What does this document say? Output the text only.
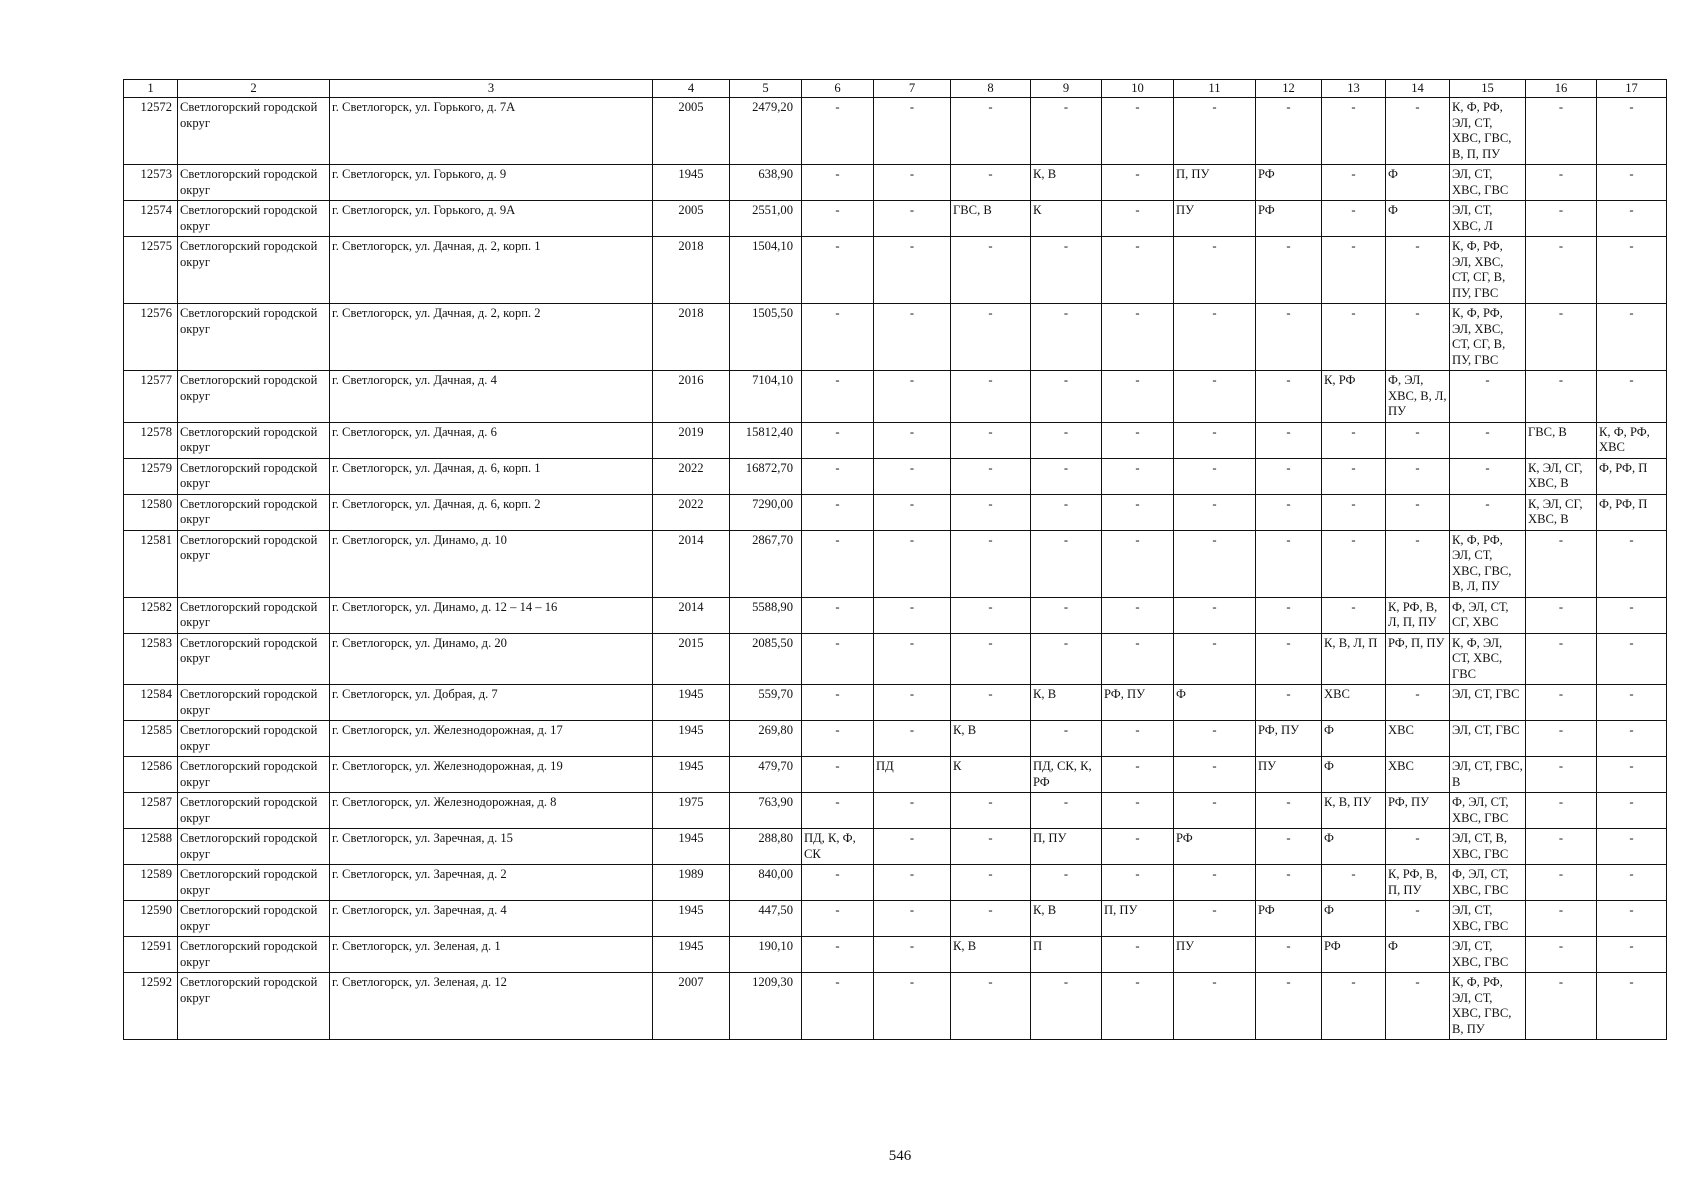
1	2	3	4	5	6	7	8	9	10	11	12	13	14	15	16	17
12572	Светлогорский городской округ	г. Светлогорск, ул. Горького, д. 7А	2005	2479,20	-	-	-	-	-	-	-	-	-	К, Ф, РФ, ЭЛ, СТ, ХВС, ГВС, В, П, ПУ	-	-
12573	Светлогорский городской округ	г. Светлогорск, ул. Горького, д. 9	1945	638,90	-	-	-	К, В	-	П, ПУ	РФ	-	Ф	ЭЛ, СТ, ХВС, ГВС	-	-
12574	Светлогорский городской округ	г. Светлогорск, ул. Горького, д. 9А	2005	2551,00	-	-	ГВС, В	К	-	ПУ	РФ	-	Ф	ЭЛ, СТ, ХВС, Л	-	-
12575	Светлогорский городской округ	г. Светлогорск, ул. Дачная, д. 2, корп. 1	2018	1504,10	-	-	-	-	-	-	-	-	-	К, Ф, РФ, ЭЛ, ХВС, СТ, СГ, В, ПУ, ГВС	-	-
12576	Светлогорский городской округ	г. Светлогорск, ул. Дачная, д. 2, корп. 2	2018	1505,50	-	-	-	-	-	-	-	-	-	К, Ф, РФ, ЭЛ, ХВС, СТ, СГ, В, ПУ, ГВС	-	-
12577	Светлогорский городской округ	г. Светлогорск, ул. Дачная, д. 4	2016	7104,10	-	-	-	-	-	-	-	К, РФ	Ф, ЭЛ, ХВС, В, Л, ПУ	-	-	-
12578	Светлогорский городской округ	г. Светлогорск, ул. Дачная, д. 6	2019	15812,40	-	-	-	-	-	-	-	-	-	-	ГВС, В	К, Ф, РФ, ХВС
12579	Светлогорский городской округ	г. Светлогорск, ул. Дачная, д. 6, корп. 1	2022	16872,70	-	-	-	-	-	-	-	-	-	-	К, ЭЛ, СГ, ХВС, В	Ф, РФ, П
12580	Светлогорский городской округ	г. Светлогорск, ул. Дачная, д. 6, корп. 2	2022	7290,00	-	-	-	-	-	-	-	-	-	-	К, ЭЛ, СГ, ХВС, В	Ф, РФ, П
12581	Светлогорский городской округ	г. Светлогорск, ул. Динамо, д. 10	2014	2867,70	-	-	-	-	-	-	-	-	-	К, Ф, РФ, ЭЛ, СТ, ХВС, ГВС, В, Л, ПУ	-	-
12582	Светлогорский городской округ	г. Светлогорск, ул. Динамо, д. 12 – 14 – 16	2014	5588,90	-	-	-	-	-	-	-	-	К, РФ, В, Л, П, ПУ	Ф, ЭЛ, СТ, СГ, ХВС	-	-
12583	Светлогорский городской округ	г. Светлогорск, ул. Динамо, д. 20	2015	2085,50	-	-	-	-	-	-	-	К, В, Л, П	РФ, П, ПУ	К, Ф, ЭЛ, СТ, ХВС, ГВС	-	-
12584	Светлогорский городской округ	г. Светлогорск, ул. Добрая, д. 7	1945	559,70	-	-	-	К, В	РФ, ПУ	Ф	-	ХВС	-	ЭЛ, СТ, ГВС	-	-
12585	Светлогорский городской округ	г. Светлогорск, ул. Железнодорожная, д. 17	1945	269,80	-	-	К, В	-	-	-	РФ, ПУ	Ф	ХВС	ЭЛ, СТ, ГВС	-	-
12586	Светлогорский городской округ	г. Светлогорск, ул. Железнодорожная, д. 19	1945	479,70	-	ПД	К	ПД, СК, К, РФ	-	-	ПУ	Ф	ХВС	ЭЛ, СТ, ГВС, В	-	-
12587	Светлогорский городской округ	г. Светлогорск, ул. Железнодорожная, д. 8	1975	763,90	-	-	-	-	-	-	-	К, В, ПУ	РФ, ПУ	Ф, ЭЛ, СТ, ХВС, ГВС	-	-
12588	Светлогорский городской округ	г. Светлогорск, ул. Заречная, д. 15	1945	288,80	ПД, К, Ф, СК	-	-	П, ПУ	-	РФ	-	Ф	-	ЭЛ, СТ, В, ХВС, ГВС	-	-
12589	Светлогорский городской округ	г. Светлогорск, ул. Заречная, д. 2	1989	840,00	-	-	-	-	-	-	-	-	К, РФ, В, П, ПУ	Ф, ЭЛ, СТ, ХВС, ГВС	-	-
12590	Светлогорский городской округ	г. Светлогорск, ул. Заречная, д. 4	1945	447,50	-	-	-	К, В	П, ПУ	-	РФ	Ф	-	ЭЛ, СТ, ХВС, ГВС	-	-
12591	Светлогорский городской округ	г. Светлогорск, ул. Зеленая, д. 1	1945	190,10	-	-	К, В	П	-	ПУ	-	РФ	Ф	ЭЛ, СТ, ХВС, ГВС	-	-
12592	Светлогорский городской округ	г. Светлогорск, ул. Зеленая, д. 12	2007	1209,30	-	-	-	-	-	-	-	-	-	К, Ф, РФ, ЭЛ, СТ, ХВС, ГВС, В, ПУ	-	-
546
